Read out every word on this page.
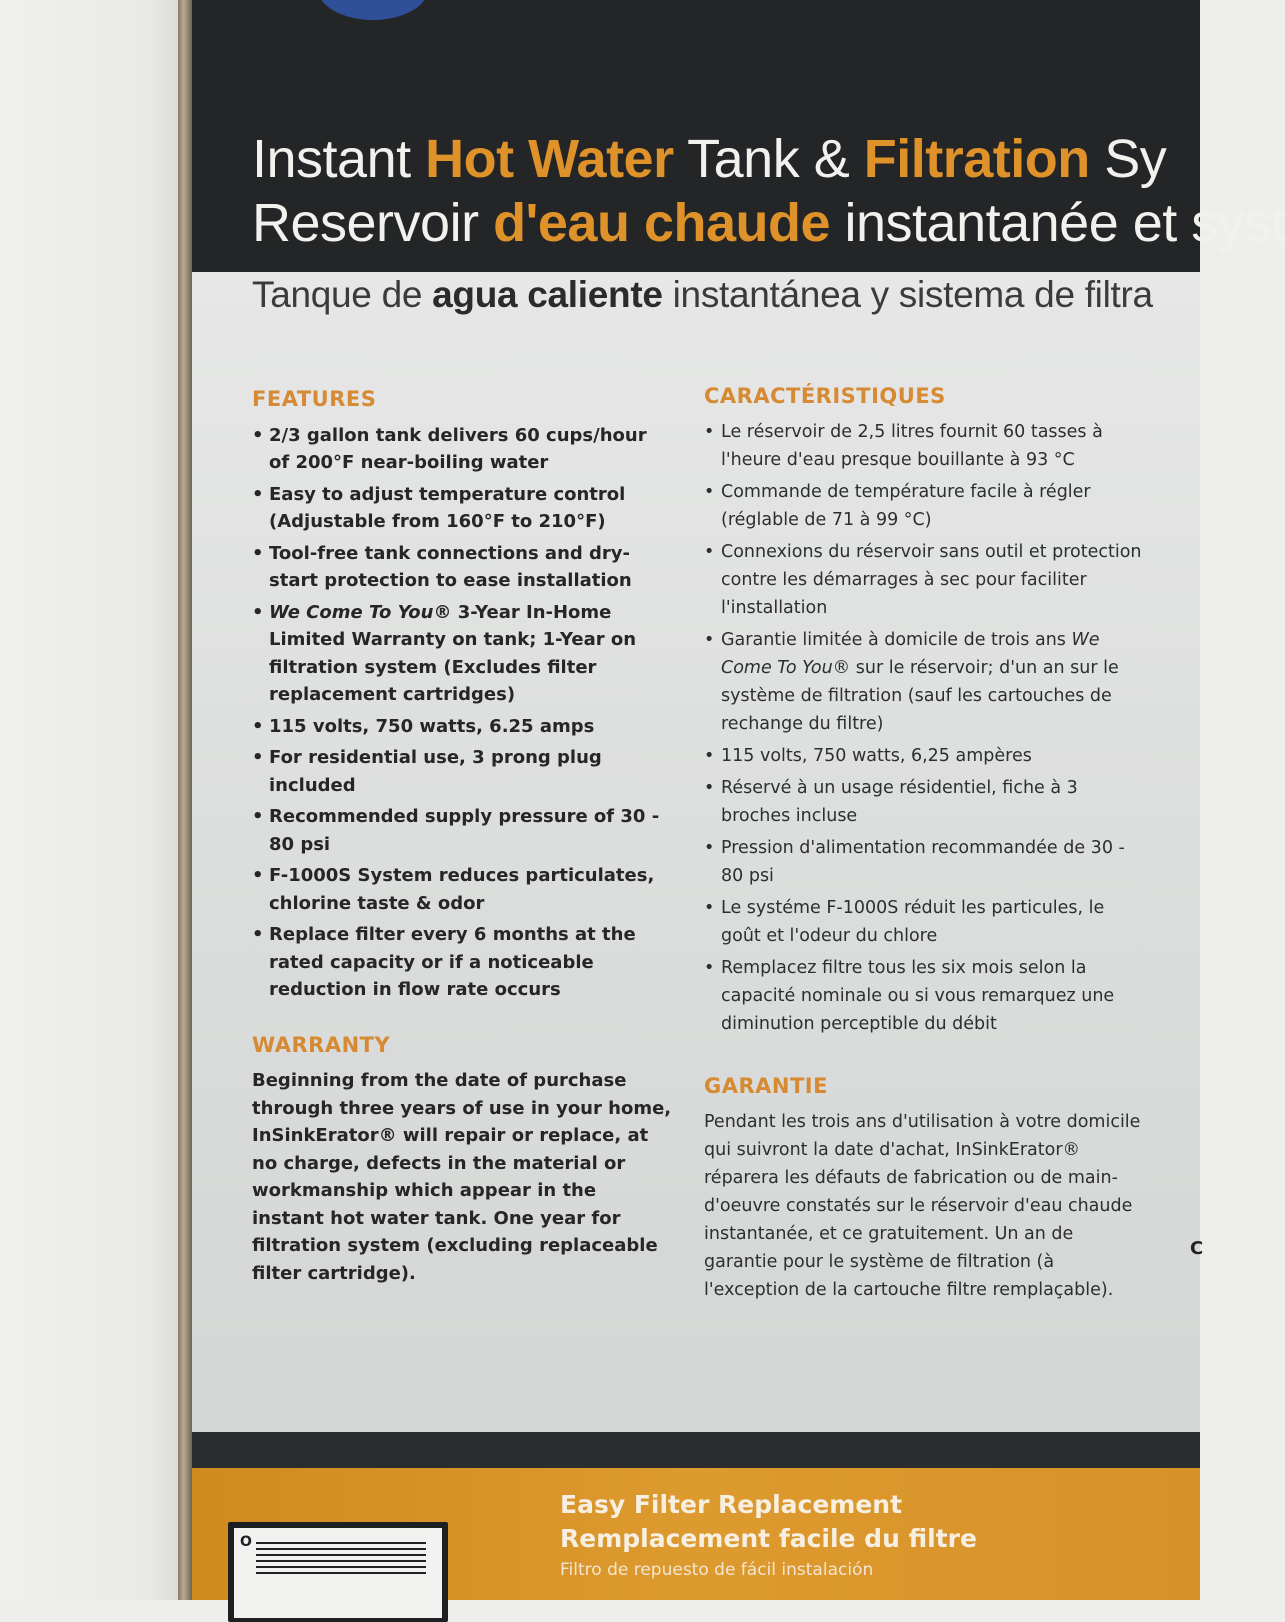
Instant Hot Water Tank & Filtration Sy
Reservoir d'eau chaude instantanée et syst
Tanque de agua caliente instantánea y sistema de filtra
FEATURES
• 2/3 gallon tank delivers 60 cups/hour of 200°F near-boiling water
• Easy to adjust temperature control (Adjustable from 160°F to 210°F)
• Tool-free tank connections and dry-start protection to ease installation
• We Come To You® 3-Year In-Home Limited Warranty on tank; 1-Year on filtration system (Excludes filter replacement cartridges)
• 115 volts, 750 watts, 6.25 amps
• For residential use, 3 prong plug included
• Recommended supply pressure of 30 - 80 psi
• F-1000S System reduces particulates, chlorine taste & odor
• Replace filter every 6 months at the rated capacity or if a noticeable reduction in flow rate occurs
WARRANTY

Beginning from the date of purchase through three years of use in your home, InSinkErator® will repair or replace, at no charge, defects in the material or workmanship which appear in the instant hot water tank. One year for filtration system (excluding replaceable filter cartridge).

CARACTÉRISTIQUES
• Le réservoir de 2,5 litres fournit 60 tasses à l'heure d'eau presque bouillante à 93 °C
• Commande de température facile à régler (réglable de 71 à 99 °C)
• Connexions du réservoir sans outil et protection contre les démarrages à sec pour faciliter l'installation
• Garantie limitée à domicile de trois ans We Come To You® sur le réservoir; d'un an sur le système de filtration (sauf les cartouches de rechange du filtre)
• 115 volts, 750 watts, 6,25 ampères
• Réservé à un usage résidentiel, fiche à 3 broches incluse
• Pression d'alimentation recommandée de 30 - 80 psi
• Le systéme F-1000S réduit les particules, le goût et l'odeur du chlore
• Remplacez filtre tous les six mois selon la capacité nominale ou si vous remarquez une diminution perceptible du débit
GARANTIE

Pendant les trois ans d'utilisation à votre domicile qui suivront la date d'achat, InSinkErator® réparera les défauts de fabrication ou de main-d'oeuvre constatés sur le réservoir d'eau chaude instantanée, et ce gratuitement. Un an de garantie pour le système de filtration (à l'exception de la cartouche filtre remplaçable).

C
O
Easy Filter Replacement
Remplacement facile du filtre
Filtro de repuesto de fácil instalación
